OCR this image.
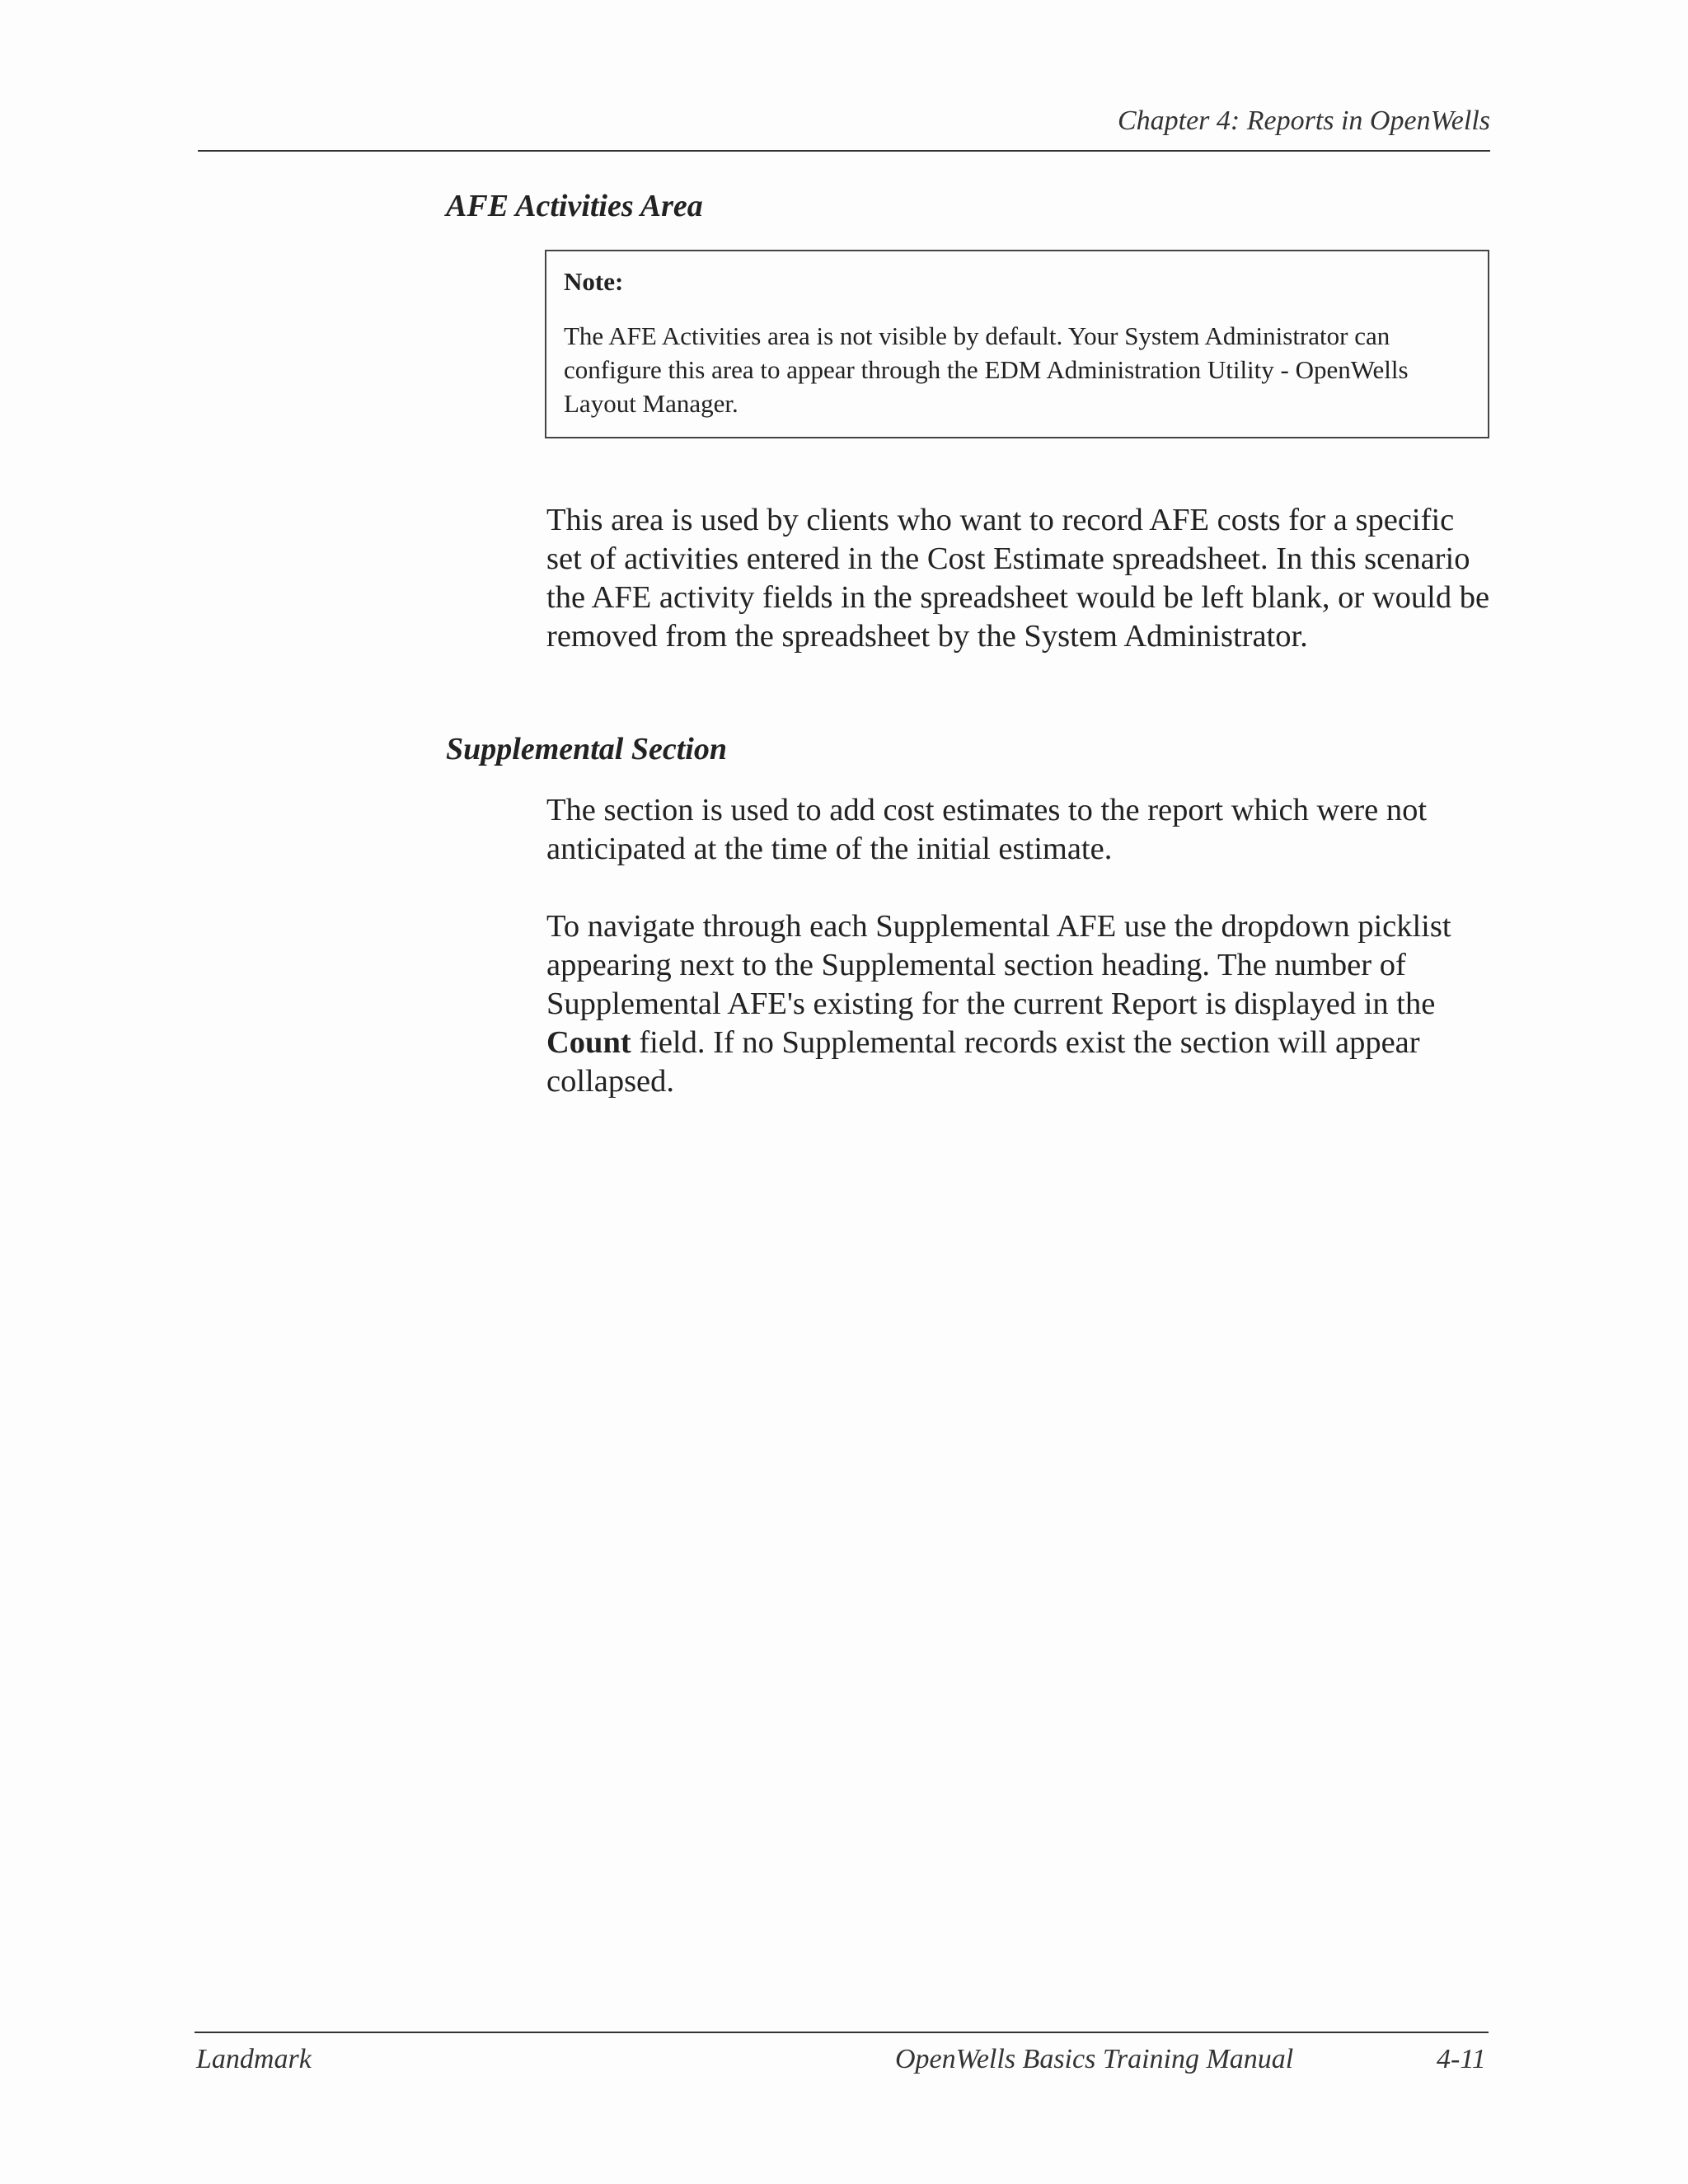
Chapter 4: Reports in OpenWells
AFE Activities Area

Note:

The AFE Activities area is not visible by default. Your System Administrator can configure this area to appear through the EDM Administration Utility - OpenWells Layout Manager.

This area is used by clients who want to record AFE costs for a specific set of activities entered in the Cost Estimate spreadsheet. In this scenario the AFE activity fields in the spreadsheet would be left blank, or would be removed from the spreadsheet by the System Administrator.

Supplemental Section

The section is used to add cost estimates to the report which were not anticipated at the time of the initial estimate.

To navigate through each Supplemental AFE use the dropdown picklist appearing next to the Supplemental section heading. The number of Supplemental AFE's existing for the current Report is displayed in the Count field. If no Supplemental records exist the section will appear collapsed.

Landmark	OpenWells Basics Training Manual	4-11
